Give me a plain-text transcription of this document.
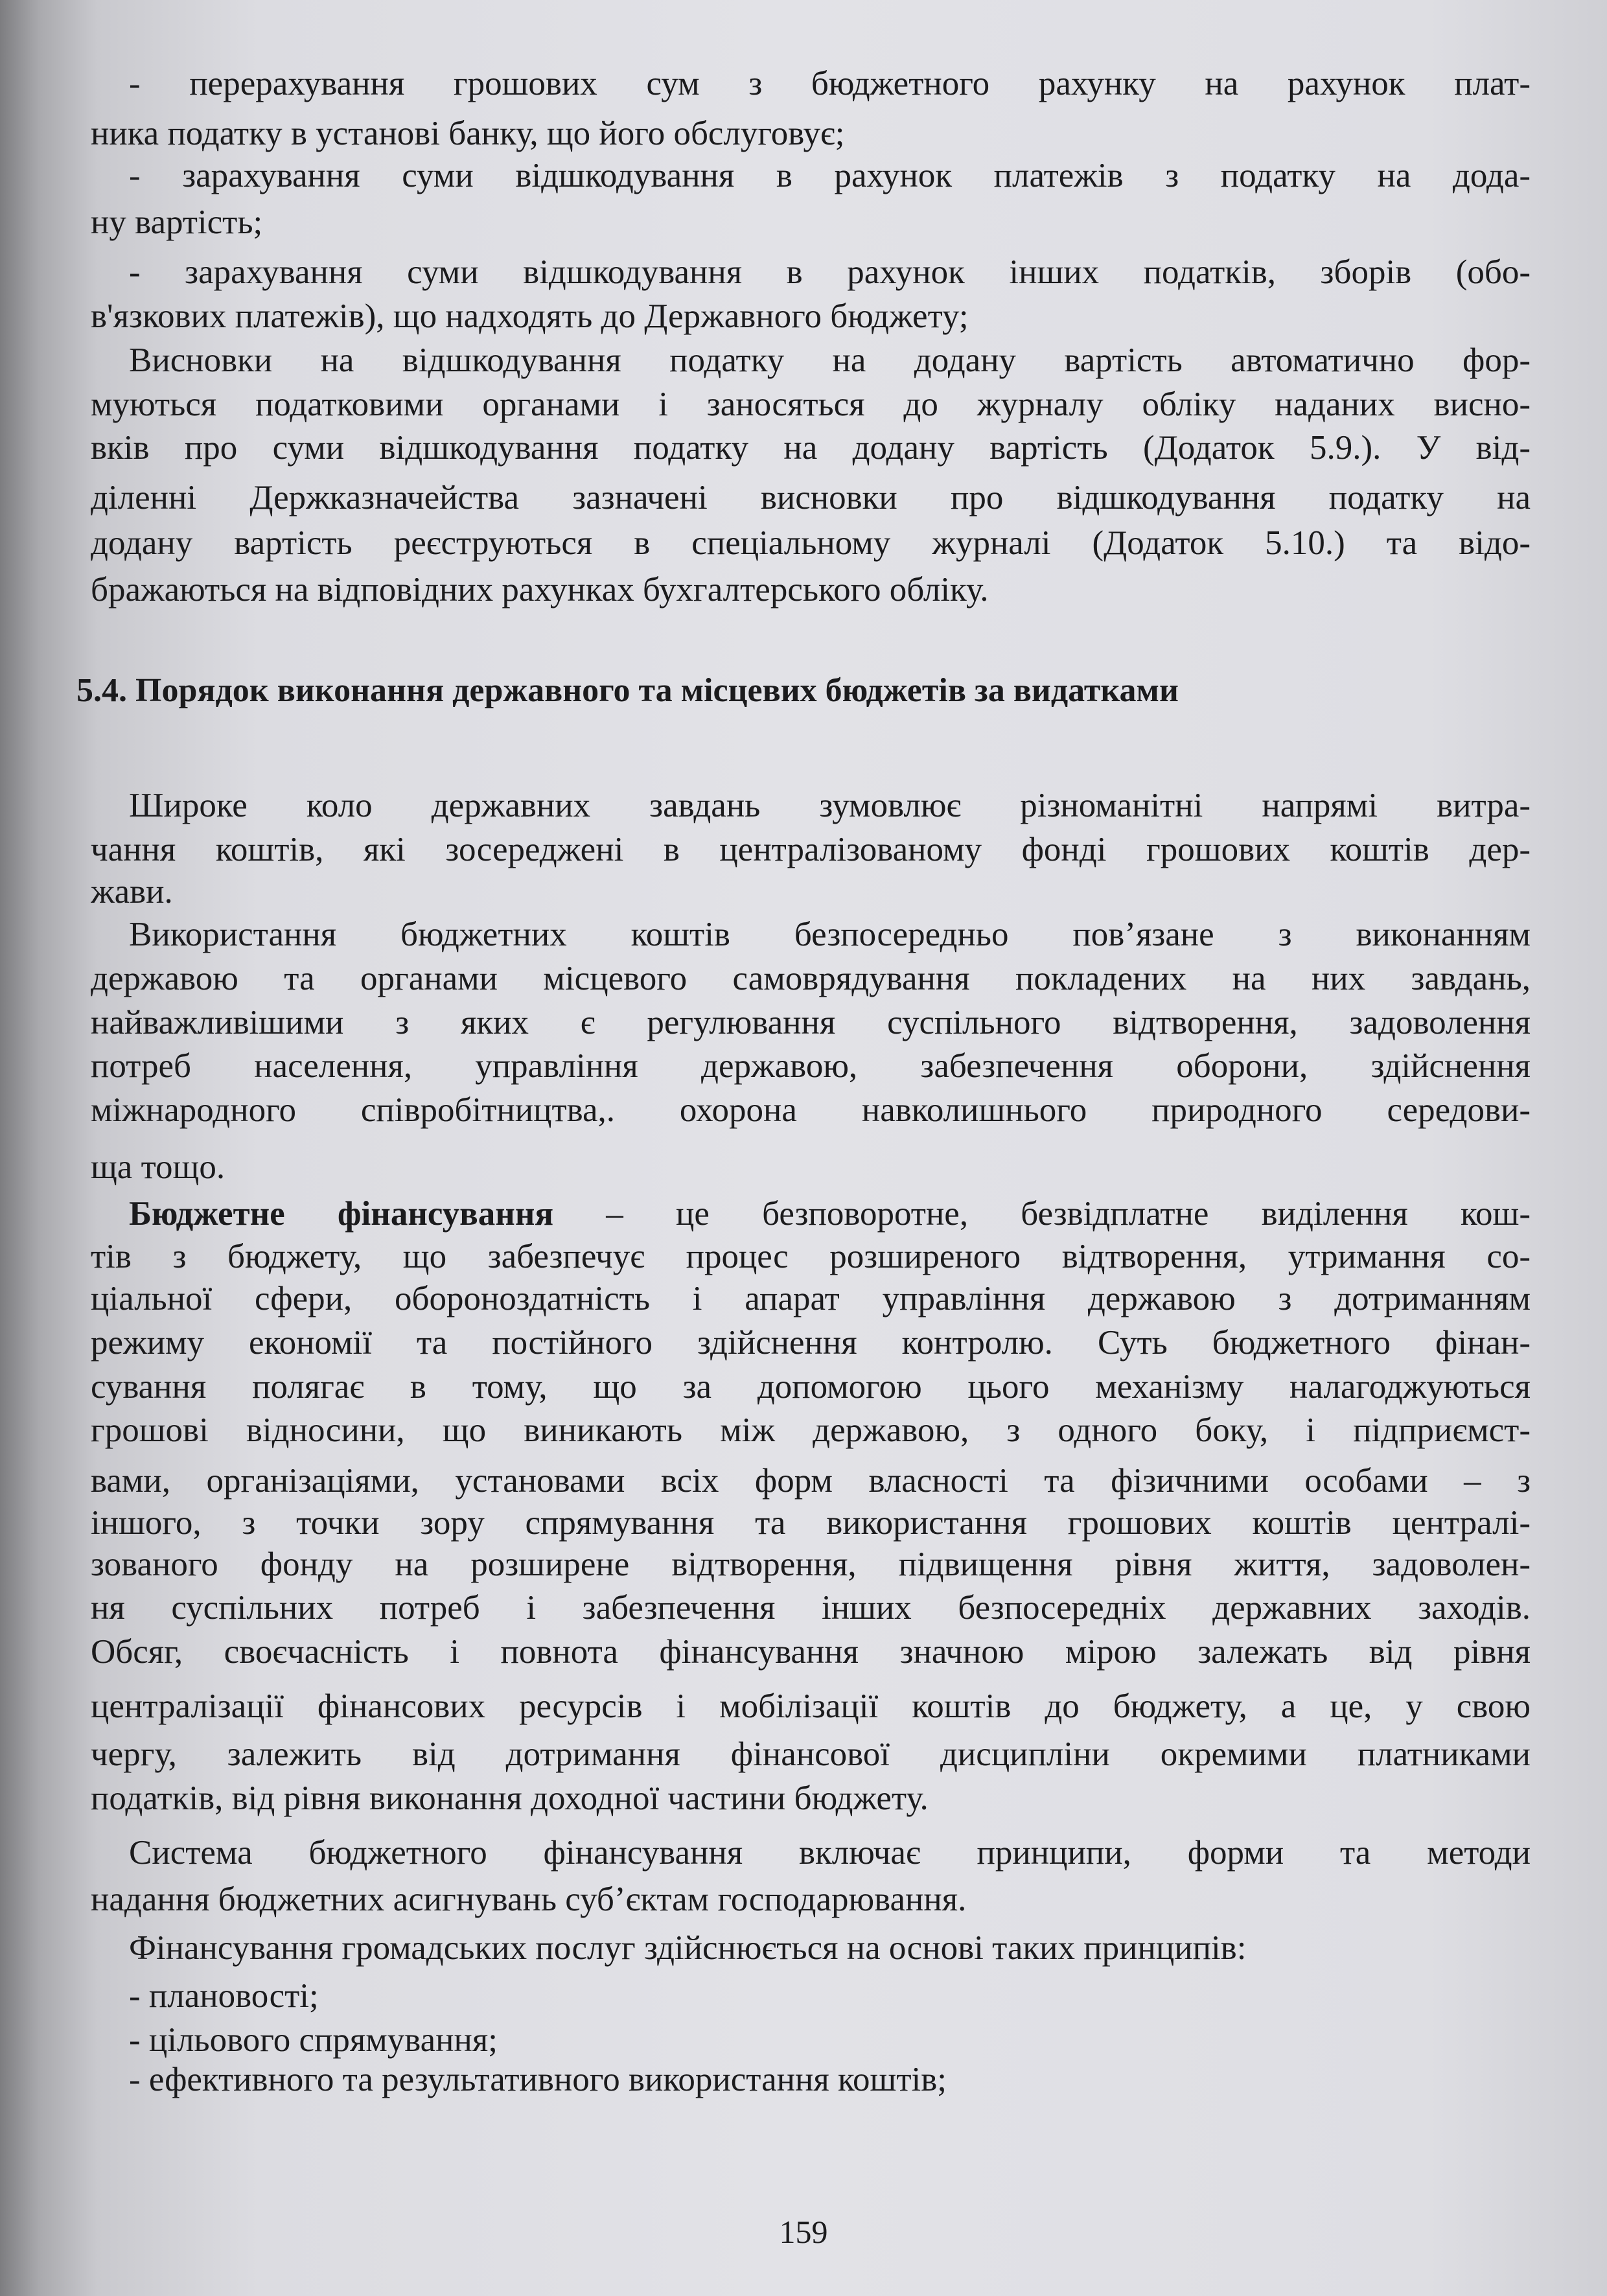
- перерахування грошових сум з бюджетного рахунку на рахунок плат-
ника податку в установі банку, що його обслуговує;
- зарахування суми відшкодування в рахунок платежів з податку на дода-
ну вартість;
- зарахування суми відшкодування в рахунок інших податків, зборів (обо-
в'язкових платежів), що надходять до Державного бюджету;
Висновки на відшкодування податку на додану вартість автоматично фор-
муються податковими органами і заносяться до журналу обліку наданих висно-
вків про суми відшкодування податку на додану вартість (Додаток 5.9.). У від-
діленні Держказначейства зазначені висновки про відшкодування податку на
додану вартість реєструються в спеціальному журналі (Додаток 5.10.) та відо-
бражаються на відповідних рахунках бухгалтерського обліку.
5.4. Порядок виконання державного та місцевих бюджетів за видатками
Широке коло державних завдань зумовлює різноманітні напрямі витра-
чання коштів, які зосереджені в централізованому фонді грошових коштів дер-
жави.
Використання бюджетних коштів безпосередньо пов’язане з виконанням
державою та органами місцевого самоврядування покладених на них завдань,
найважливішими з яких є регулювання суспільного відтворення, задоволення
потреб населення, управління державою, забезпечення оборони, здійснення
міжнародного співробітництва,. охорона навколишнього природного середови-
ща тощо.
Бюджетне фінансування – це безповоротне, безвідплатне виділення кош-
тів з бюджету, що забезпечує процес розширеного відтворення, утримання со-
ціальної сфери, обороноздатність і апарат управління державою з дотриманням
режиму економії та постійного здійснення контролю. Суть бюджетного фінан-
сування полягає в тому, що за допомогою цього механізму налагоджуються
грошові відносини, що виникають між державою, з одного боку, і підприємст-
вами, організаціями, установами всіх форм власності та фізичними особами – з
іншого, з точки зору спрямування та використання грошових коштів централі-
зованого фонду на розширене відтворення, підвищення рівня життя, задоволен-
ня суспільних потреб і забезпечення інших безпосередніх державних заходів.
Обсяг, своєчасність і повнота фінансування значною мірою залежать від рівня
централізації фінансових ресурсів і мобілізації коштів до бюджету, а це, у свою
чергу, залежить від дотримання фінансової дисципліни окремими платниками
податків, від рівня виконання доходної частини бюджету.
Система бюджетного фінансування включає принципи, форми та методи
надання бюджетних асигнувань суб’єктам господарювання.
Фінансування громадських послуг здійснюється на основі таких принципів:
- плановості;
- цільового спрямування;
- ефективного та результативного використання коштів;
159
